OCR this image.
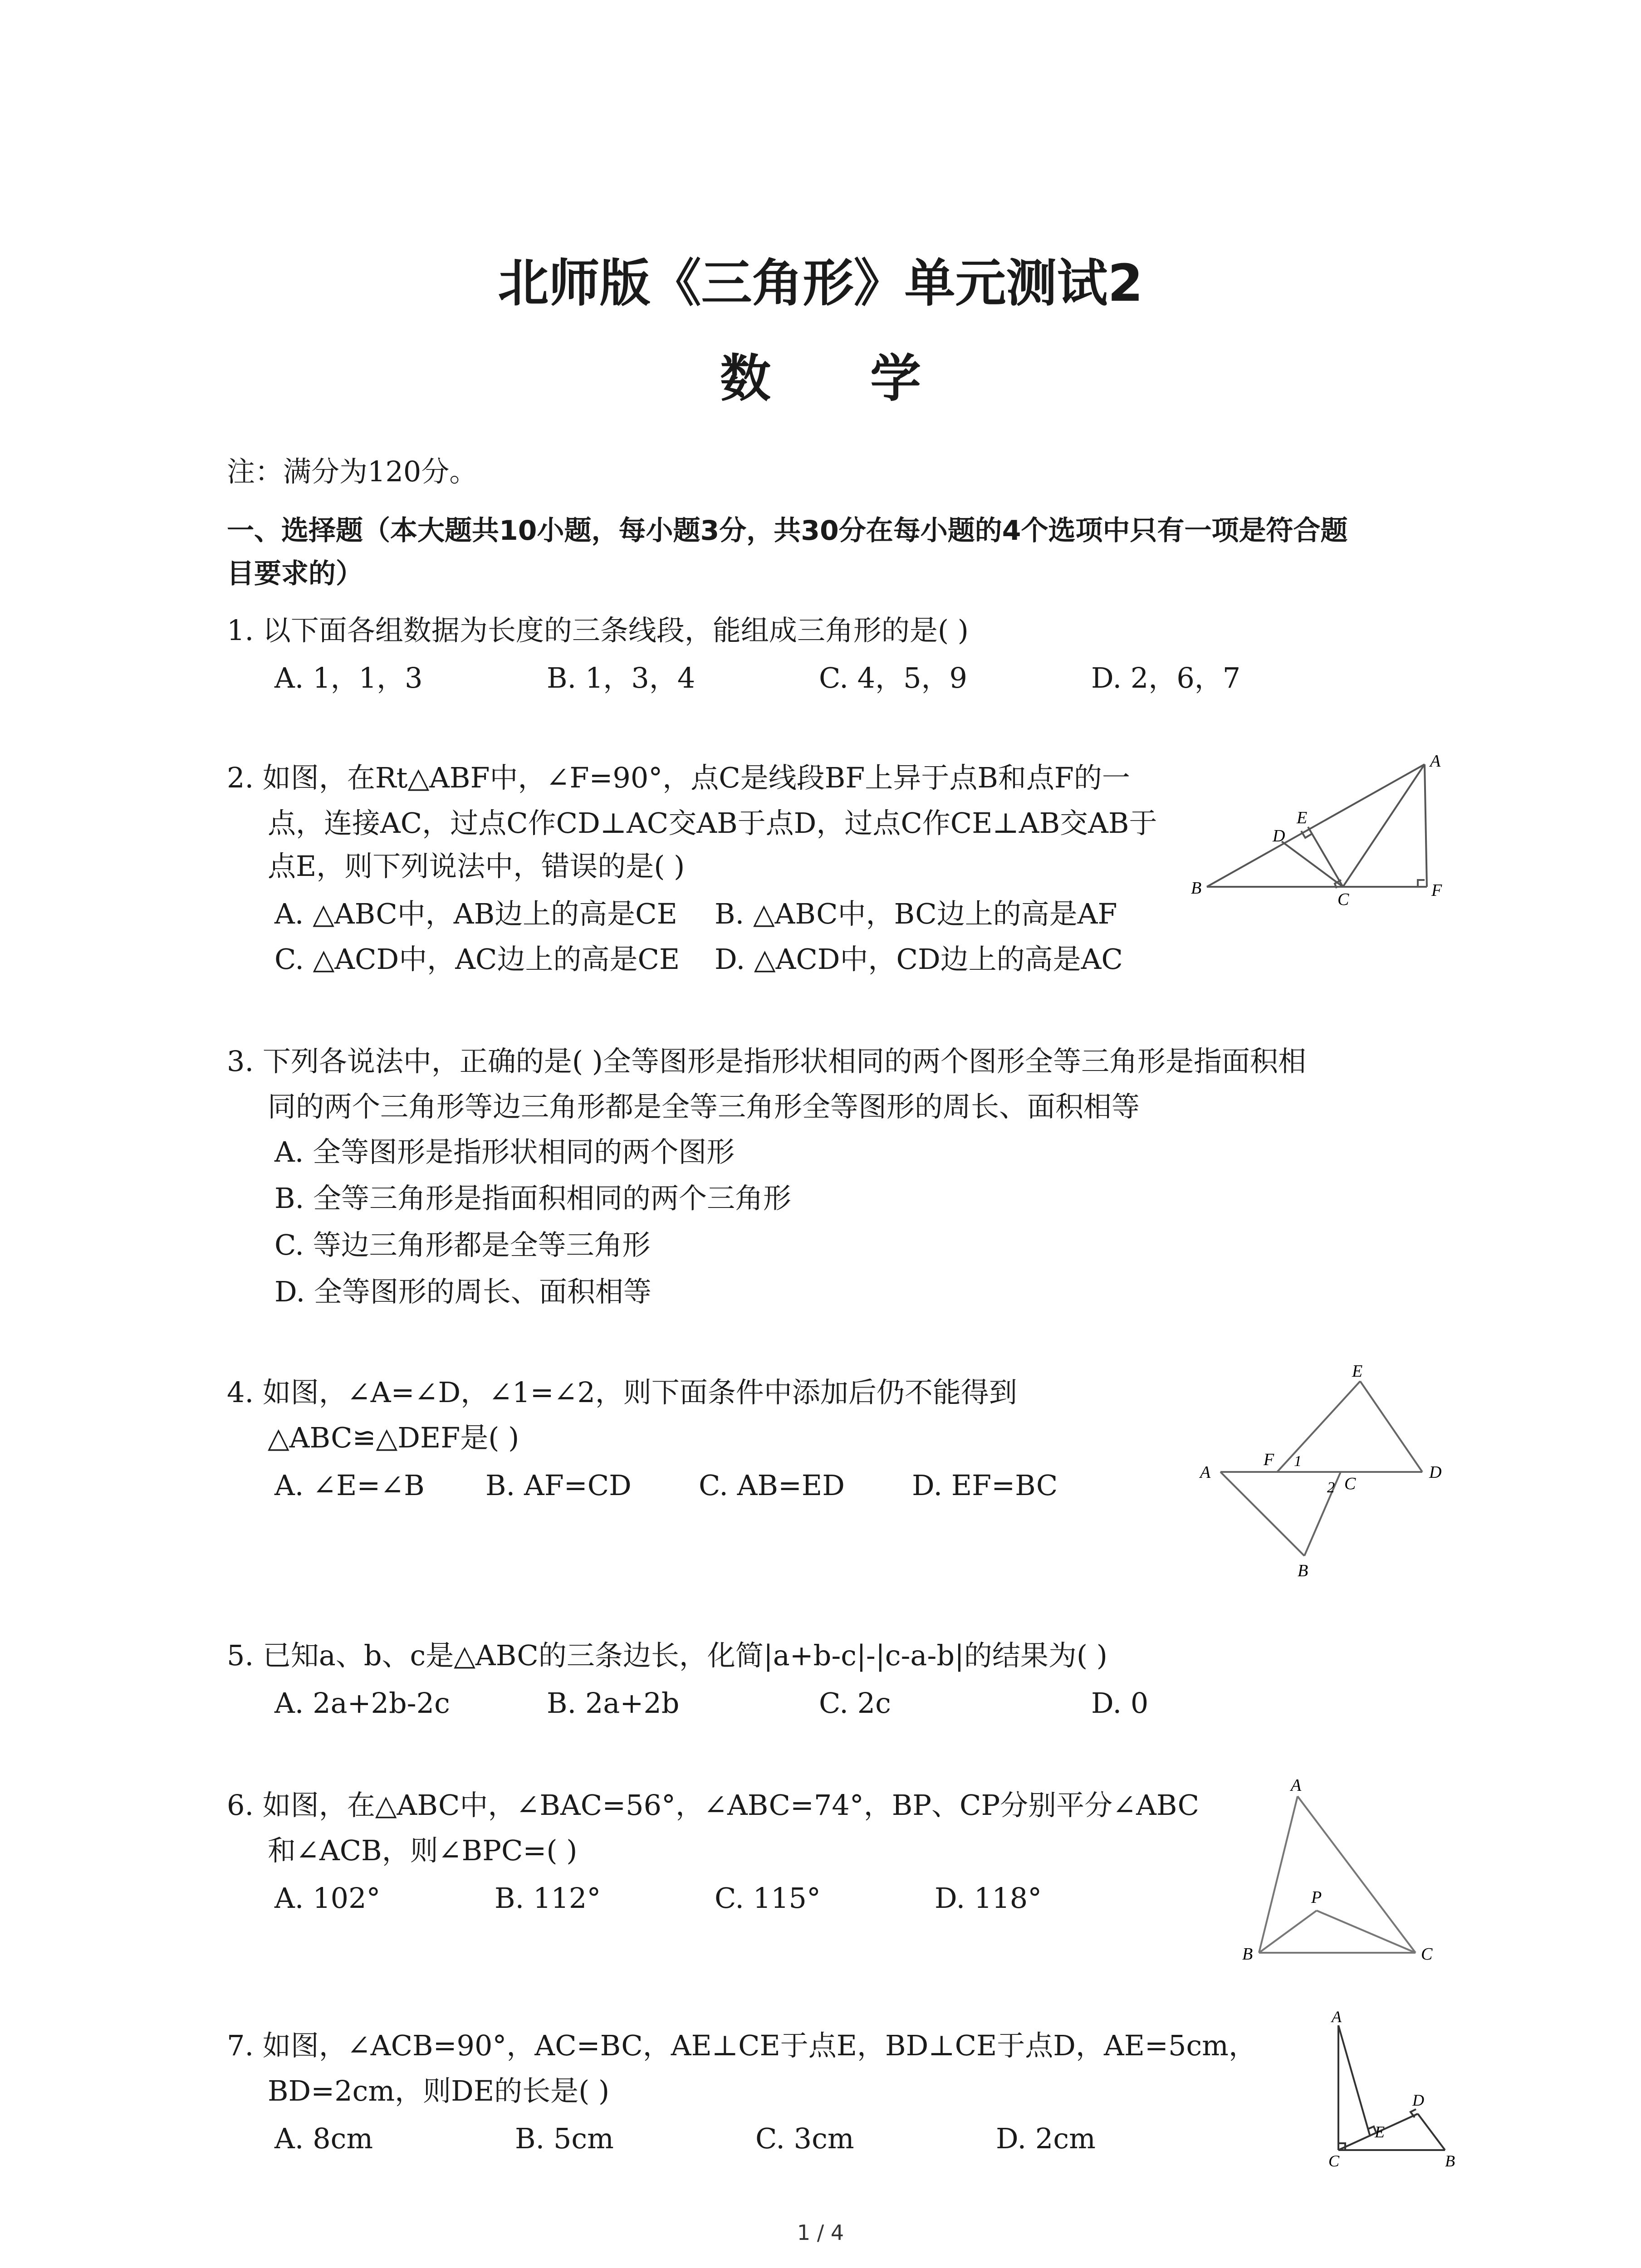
北师版《三角形》单元测试2
数 学
注：满分为120分。
一、选择题（本大题共10小题，每小题3分，共30分在每小题的4个选项中只有一项是符合题
目要求的）
1. 以下面各组数据为长度的三条线段，能组成三角形的是( )
A. 1，1，3	B. 1，3，4	C. 4，5，9	D. 2，6，7
2. 如图，在Rt△ABF中，∠F=90°，点C是线段BF上异于点B和点F的一
点，连接AC，过点C作CD⊥AC交AB于点D，过点C作CE⊥AB交AB于
点E，则下列说法中，错误的是( )
A. △ABC中，AB边上的高是CE B. △ABC中，BC边上的高是AF
C. △ACD中，AC边上的高是CE D. △ACD中，CD边上的高是AC
A
E
D
B
C	F
3. 下列各说法中，正确的是( )全等图形是指形状相同的两个图形全等三角形是指面积相
同的两个三角形等边三角形都是全等三角形全等图形的周长、面积相等
A. 全等图形是指形状相同的两个图形
B. 全等三角形是指面积相同的两个三角形
C. 等边三角形都是全等三角形
D. 全等图形的周长、面积相等
4. 如图，∠A=∠D，∠1=∠2，则下面条件中添加后仍不能得到
△ABC≌△DEF是( )
A. ∠E=∠B B. AF=CD C. AB=ED D. EF=BC
E
A
F 1
2 C
D
B
5. 已知a、b、c是△ABC的三条边长，化简|a+b-c|-|c-a-b|的结果为( )
A. 2a+2b-2c	B. 2a+2b	C. 2c	D. 0
6. 如图，在△ABC中，∠BAC=56°，∠ABC=74°，BP、CP分别平分∠ABC
和∠ACB，则∠BPC=( )
A. 102°	B. 112°	C. 115°	D. 118°
A
P
B	C
7. 如图，∠ACB=90°，AC=BC，AE⊥CE于点E，BD⊥CE于点D，AE=5cm，
BD=2cm，则DE的长是( )
A. 8cm	B. 5cm	C. 3cm	D. 2cm
A
D
E
C	B
1 / 4
